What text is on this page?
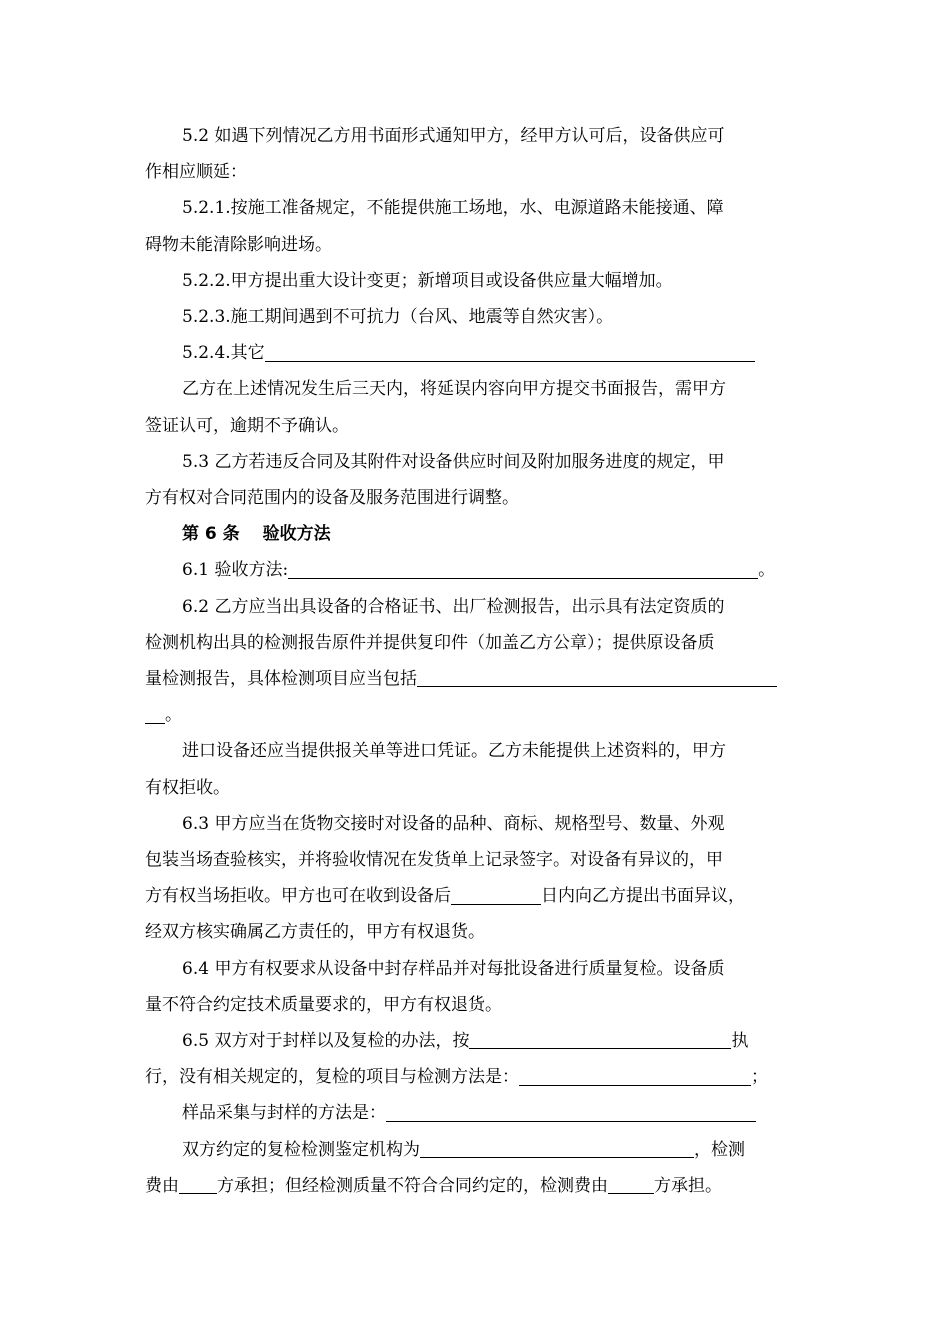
5.2 如遇下列情况乙方用书面形式通知甲方，经甲方认可后，设备供应可

作相应顺延：

5.2.1.按施工准备规定，不能提供施工场地，水、电源道路未能接通、障

碍物未能清除影响进场。

5.2.2.甲方提出重大设计变更；新增项目或设备供应量大幅增加。

5.2.3.施工期间遇到不可抗力（台风、地震等自然灾害）。

5.2.4.其它

乙方在上述情况发生后三天内，将延误内容向甲方提交书面报告，需甲方

签证认可，逾期不予确认。

5.3 乙方若违反合同及其附件对设备供应时间及附加服务进度的规定，甲

方有权对合同范围内的设备及服务范围进行调整。

第 6 条　 验收方法

6.1 验收方法:	。

6.2 乙方应当出具设备的合格证书、出厂检测报告，出示具有法定资质的

检测机构出具的检测报告原件并提供复印件（加盖乙方公章）；提供原设备质

量检测报告，具体检测项目应当包括

。

进口设备还应当提供报关单等进口凭证。乙方未能提供上述资料的，甲方

有权拒收。

6.3 甲方应当在货物交接时对设备的品种、商标、规格型号、数量、外观

包装当场查验核实，并将验收情况在发货单上记录签字。对设备有异议的，甲

方有权当场拒收。甲方也可在收到设备后	日内向乙方提出书面异议，

经双方核实确属乙方责任的，甲方有权退货。

6.4 甲方有权要求从设备中封存样品并对每批设备进行质量复检。设备质

量不符合约定技术质量要求的，甲方有权退货。

6.5 双方对于封样以及复检的办法，按	执

行，没有相关规定的，复检的项目与检测方法是：	；

样品采集与封样的方法是：

双方约定的复检检测鉴定机构为	，检测

费由 方承担；但经检测质量不符合合同约定的，检测费由	方承担。
